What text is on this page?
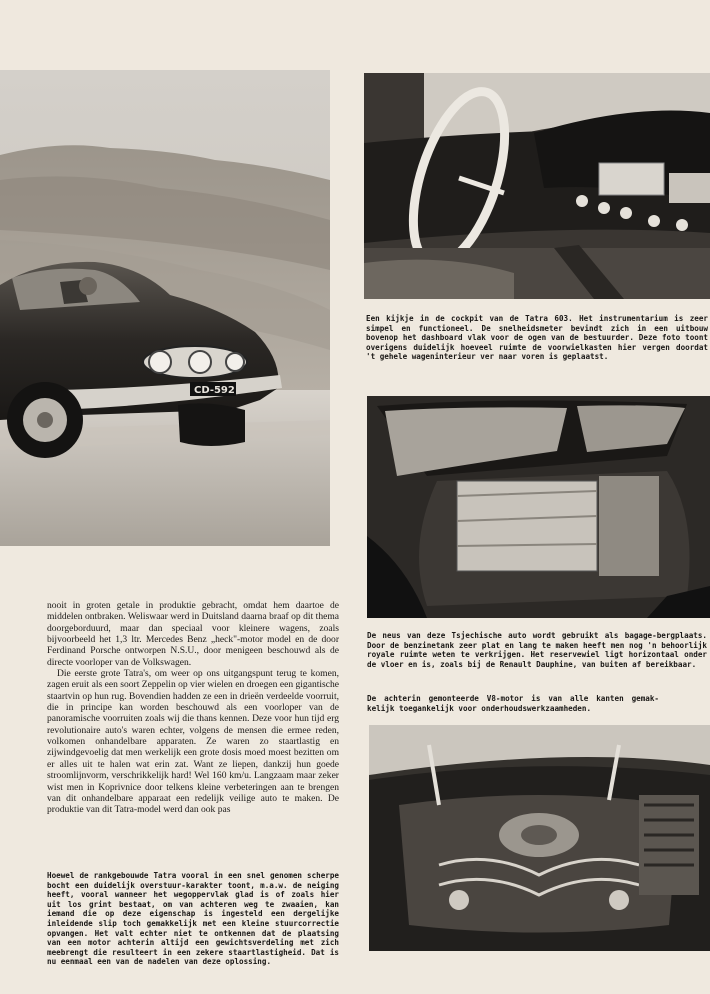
CD-592

Een kijkje in de cockpit van de Tatra 603. Het instrumentarium is zeer simpel en functioneel. De snelheidsmeter bevindt zich in een uitbouw bovenop het dashboard vlak voor de ogen van de bestuurder. Deze foto toont overigens duidelijk hoeveel ruimte de voorwielkasten hier vergen doordat 't gehele wageninterieur ver naar voren is geplaatst.

De neus van deze Tsjechische auto wordt gebruikt als bagage-bergplaats. Door de benzinetank zeer plat en lang te maken heeft men nog 'n behoorlijk royale ruimte weten te verkrijgen. Het reservewiel ligt horizontaal onder de vloer en is, zoals bij de Renault Dauphine, van buiten af bereikbaar.

De achterin gemonteerde V8-motor is van alle kanten gemak-kelijk toegankelijk voor onderhoudswerkzaamheden.

nooit in groten getale in produktie gebracht, omdat hem daartoe de middelen ontbraken. Weliswaar werd in Duitsland daarna braaf op dit thema doorgeborduurd, maar dan speciaal voor kleinere wagens, zoals bijvoorbeeld het 1,3 ltr. Mercedes Benz „heck"-motor model en de door Ferdinand Porsche ontworpen N.S.U., door menigeen beschouwd als de directe voorloper van de Volkswagen.

Die eerste grote Tatra's, om weer op ons uitgangspunt terug te komen, zagen eruit als een soort Zeppelin op vier wielen en droegen een gigantische staartvin op hun rug. Bovendien hadden ze een in drieën verdeelde voorruit, die in principe kan worden beschouwd als een voorloper van de panoramische voorruiten zoals wij die thans kennen. Deze voor hun tijd erg revolutionaire auto's waren echter, volgens de mensen die ermee reden, volkomen onhandelbare apparaten. Ze waren zo staartlastig en zijwindgevoelig dat men werkelijk een grote dosis moed moest bezitten om er alles uit te halen wat erin zat. Want ze liepen, dankzij hun goede stroomlijnvorm, verschrikkelijk hard! Wel 160 km/u. Langzaam maar zeker wist men in Koprivnice door telkens kleine verbeteringen aan te brengen van dit onhandelbare apparaat een redelijk veilige auto te maken. De produktie van dit Tatra-model werd dan ook pas

Hoewel de rankgebouwde Tatra vooral in een snel genomen scherpe bocht een duidelijk overstuur-karakter toont, m.a.w. de neiging heeft, vooral wanneer het wegoppervlak glad is of zoals hier uit los grint bestaat, om van achteren weg te zwaaien, kan iemand die op deze eigenschap is ingesteld een dergelijke inleidende slip toch gemakkelijk met een kleine stuurcorrectie opvangen. Het valt echter niet te ontkennen dat de plaatsing van een motor achterin altijd een gewichtsverdeling met zich meebrengt die resulteert in een zekere staartlastigheid. Dat is nu eenmaal een van de nadelen van deze oplossing.
